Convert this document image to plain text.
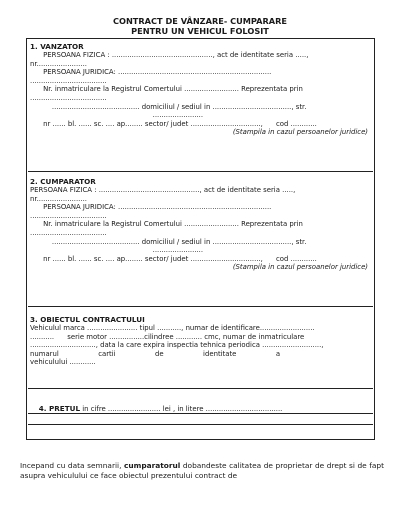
CONTRACT DE VÂNZARE- CUMPARARE
PENTRU UN VEHICUL FOLOSIT
1. VANZATOR
PERSOANA FIZICA : .............................................., act de identitate seria .....,
nr.......................
PERSOANA JURIDICA: ......................................................................
...................................
Nr. inmatriculare la Registrul Comertului ......................... Reprezentata prin
...................................
........................................ domiciliul / sediul in ...................................., str.
.......................
nr ...... bl. ...... sc. .... ap........ sector/ judet ................................,      cod ............
(Stampila in cazul persoanelor juridice)
2. CUMPARATOR
PERSOANA FIZICA : .............................................., act de identitate seria .....,
nr.......................
PERSOANA JURIDICA: ......................................................................
...................................
Nr. inmatriculare la Registrul Comertului ......................... Reprezentata prin
...................................
........................................ domiciliul / sediul in ...................................., str.
.......................
nr ...... bl. ...... sc. .... ap........ sector/ judet ................................,      cod ............
(Stampila in cazul persoanelor juridice)
3. OBIECTUL CONTRACTULUI
Vehiculul marca ....................... tipul ..........., numar de identificare.........................
...........      serie motor ................cilindree ............ cmc, numar de inmatriculare
.............................., data la care expira inspectia tehnica periodica ...........................,
numarul                  cartii                  de                  identitate                  a
vehiculului ............

4. PRETUL in cifre ........................ lei , in litere ...................................

Incepand cu data semnarii, cumparatorul dobandeste calitatea de proprietar de drept si de fapt asupra vehiculului ce face obiectul prezentului contract de
